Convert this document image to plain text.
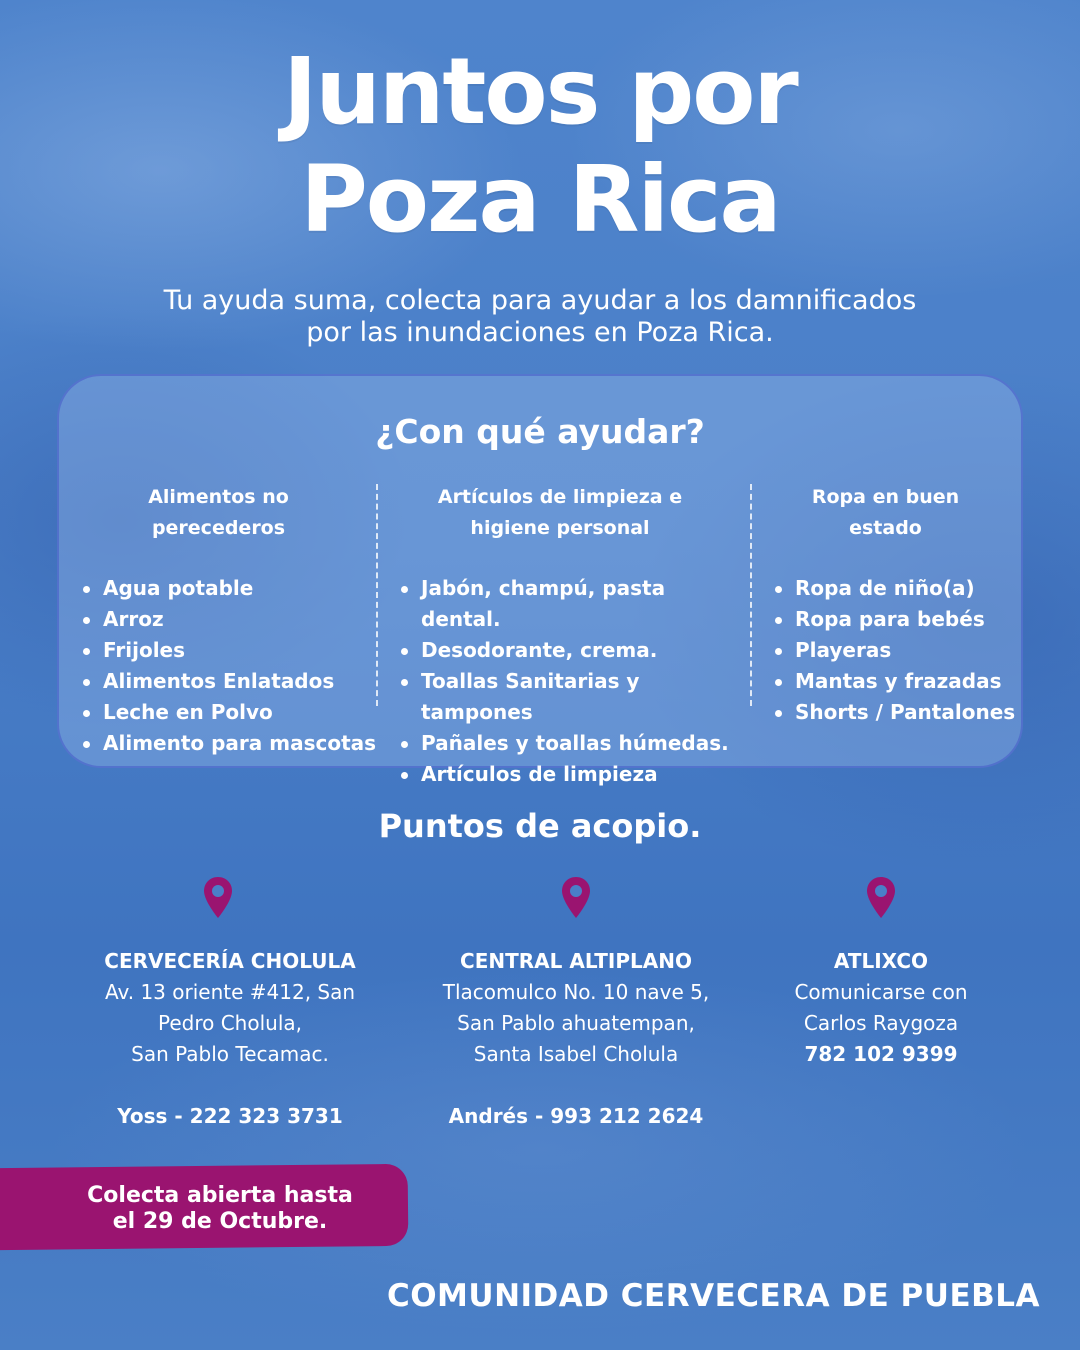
Juntos por
Poza Rica

Tu ayuda suma, colecta para ayudar a los damnificados
por las inundaciones en Poza Rica.

¿Con qué ayudar?
Alimentos no perecederos
Agua potable
Arroz
Frijoles
Alimentos Enlatados
Leche en Polvo
Alimento para mascotas
Artículos de limpieza e
higiene personal
Jabón, champú, pasta dental.
Desodorante, crema.
Toallas Sanitarias y tampones
Pañales y toallas húmedas.
Artículos de limpieza
Ropa en buen estado
Ropa de niño(a)
Ropa para bebés
Playeras
Mantas y frazadas
Shorts / Pantalones
Puntos de acopio.
CERVECERÍA CHOLULA
Av. 13 oriente #412, San
Pedro Cholula,
San Pablo Tecamac.
Yoss - 222 323 3731
CENTRAL ALTIPLANO
Tlacomulco No. 10 nave 5,
San Pablo ahuatempan,
Santa Isabel Cholula
Andrés - 993 212 2624
ATLIXCO
Comunicarse con
Carlos Raygoza
782 102 9399

Colecta abierta hasta
el 29 de Octubre.

COMUNIDAD CERVECERA DE PUEBLA
